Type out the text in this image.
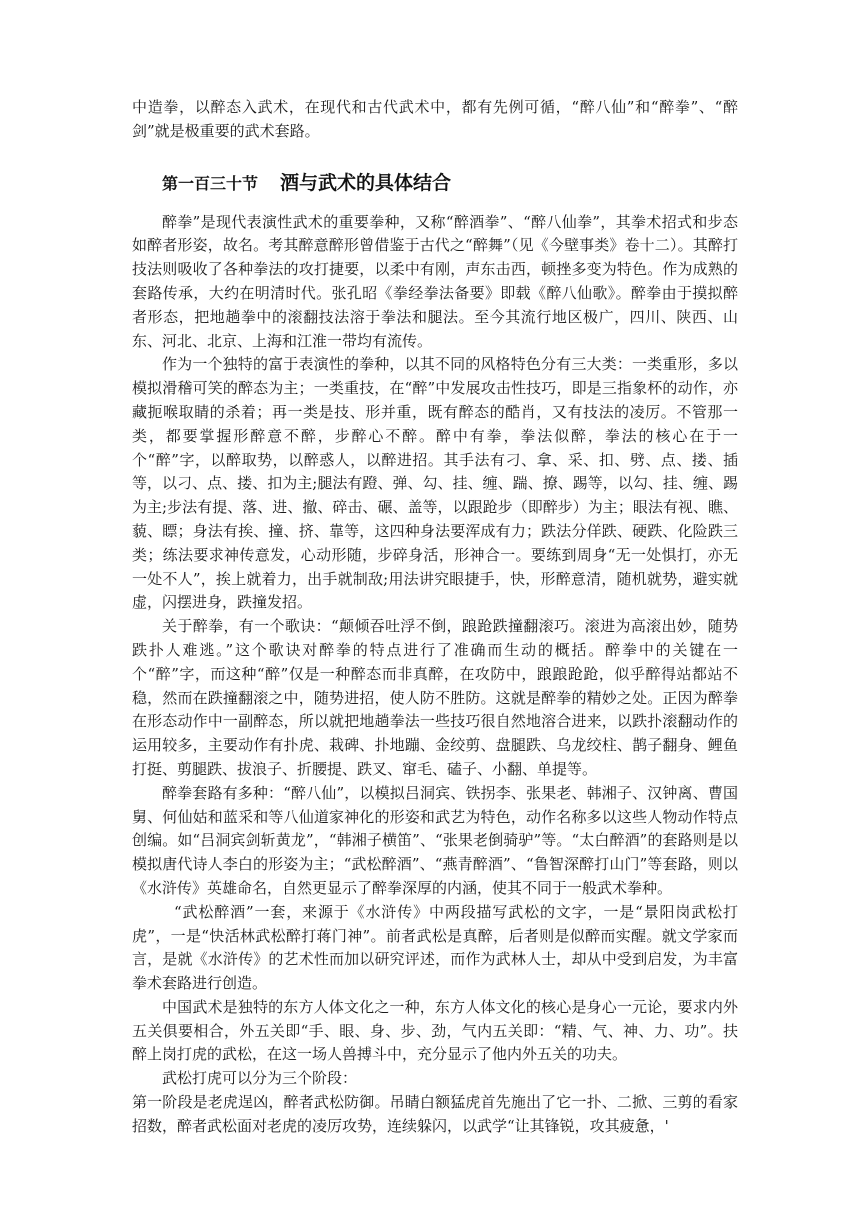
中造拳，以醉态入武术，在现代和古代武术中，都有先例可循，“醉八仙”和“醉拳”、“醉剑”就是极重要的武术套路。

第一百三十节 酒与武术的具体结合

醉拳”是现代表演性武术的重要拳种，又称“醉酒拳”、“醉八仙拳”，其拳术招式和步态如醉者形姿，故名。考其醉意醉形曾借鉴于古代之“醉舞”（见《今壁事类》卷十二）。其醉打技法则吸收了各种拳法的攻打捷要，以柔中有刚，声东击西，顿挫多变为特色。作为成熟的套路传承，大约在明清时代。张孔昭《拳经拳法备要》即载《醉八仙歌》。醉拳由于摸拟醉者形态，把地趟拳中的滚翻技法溶于拳法和腿法。至今其流行地区极广，四川、陕西、山东、河北、北京、上海和江淮一带均有流传。

作为一个独特的富于表演性的拳种，以其不同的风格特色分有三大类：一类重形，多以模拟滑稽可笑的醉态为主；一类重技，在“醉”中发展攻击性技巧，即是三指象杯的动作，亦藏扼喉取睛的杀着；再一类是技、形并重，既有醉态的酷肖，又有技法的凌厉。不管那一类，都要掌握形醉意不醉，步醉心不醉。醉中有拳，拳法似醉，拳法的核心在于一个“醉”字，以醉取势，以醉惑人，以醉进招。其手法有刁、拿、采、扣、劈、点、搂、插等，以刁、点、搂、扣为主;腿法有蹬、弹、勾、挂、缠、踹、撩、踢等，以勾、挂、缠、踢为主;步法有提、落、进、撤、碎击、碾、盖等，以跟跄步（即醉步）为主；眼法有视、瞧、藐、瞟；身法有挨、撞、挤、靠等，这四种身法要浑成有力；跌法分佯跌、硬跌、化险跌三类；练法要求神传意发，心动形随，步碎身活，形神合一。要练到周身“无一处惧打，亦无一处不人”，挨上就着力，出手就制敌;用法讲究眼捷手，快，形醉意清，随机就势，避实就虚，闪摆进身，跌撞发招。

关于醉拳，有一个歌诀：“颠倾吞吐浮不倒，踉跄跌撞翻滚巧。滚进为高滚出妙，随势跌扑人难逃。”这个歌诀对醉拳的特点进行了准确而生动的概括。醉拳中的关键在一个“醉”字，而这种“醉”仅是一种醉态而非真醉，在攻防中，踉踉跄跄，似乎醉得站都站不稳，然而在跌撞翻滚之中，随势进招，使人防不胜防。这就是醉拳的精妙之处。正因为醉拳在形态动作中一副醉态，所以就把地趟拳法一些技巧很自然地溶合进来，以跌扑滚翻动作的运用较多，主要动作有扑虎、栽碑、扑地蹦、金绞剪、盘腿跌、乌龙绞柱、鹊子翻身、鲤鱼打挺、剪腿跌、拔浪子、折腰提、跌叉、窜毛、磕子、小翻、单提等。

醉拳套路有多种：“醉八仙”，以模拟吕洞宾、铁拐李、张果老、韩湘子、汉钟离、曹国舅、何仙姑和蓝采和等八仙道家神化的形姿和武艺为特色，动作名称多以这些人物动作特点创编。如“吕洞宾剑斩黄龙”，“韩湘子横笛”、“张果老倒骑驴”等。“太白醉酒”的套路则是以模拟唐代诗人李白的形姿为主；“武松醉酒”、“燕青醉酒”、“鲁智深醉打山门”等套路，则以《水浒传》英雄命名，自然更显示了醉拳深厚的内涵，使其不同于一般武术拳种。

“武松醉酒”一套，来源于《水浒传》中两段描写武松的文字，一是“景阳岗武松打虎”，一是“快活林武松醉打蒋门神”。前者武松是真醉，后者则是似醉而实醒。就文学家而言，是就《水浒传》的艺术性而加以研究评述，而作为武林人士，却从中受到启发，为丰富拳术套路进行创造。

中国武术是独特的东方人体文化之一种，东方人体文化的核心是身心一元论，要求内外五关俱要相合，外五关即“手、眼、身、步、劲，气内五关即：“精、气、神、力、功”。扶醉上岗打虎的武松，在这一场人兽搏斗中，充分显示了他内外五关的功夫。

武松打虎可以分为三个阶段：

第一阶段是老虎逞凶，醉者武松防御。吊睛白额猛虎首先施出了它一扑、二掀、三剪的看家招数，醉者武松面对老虎的凌厉攻势，连续躲闪，以武学“让其锋锐，攻其疲惫，'
